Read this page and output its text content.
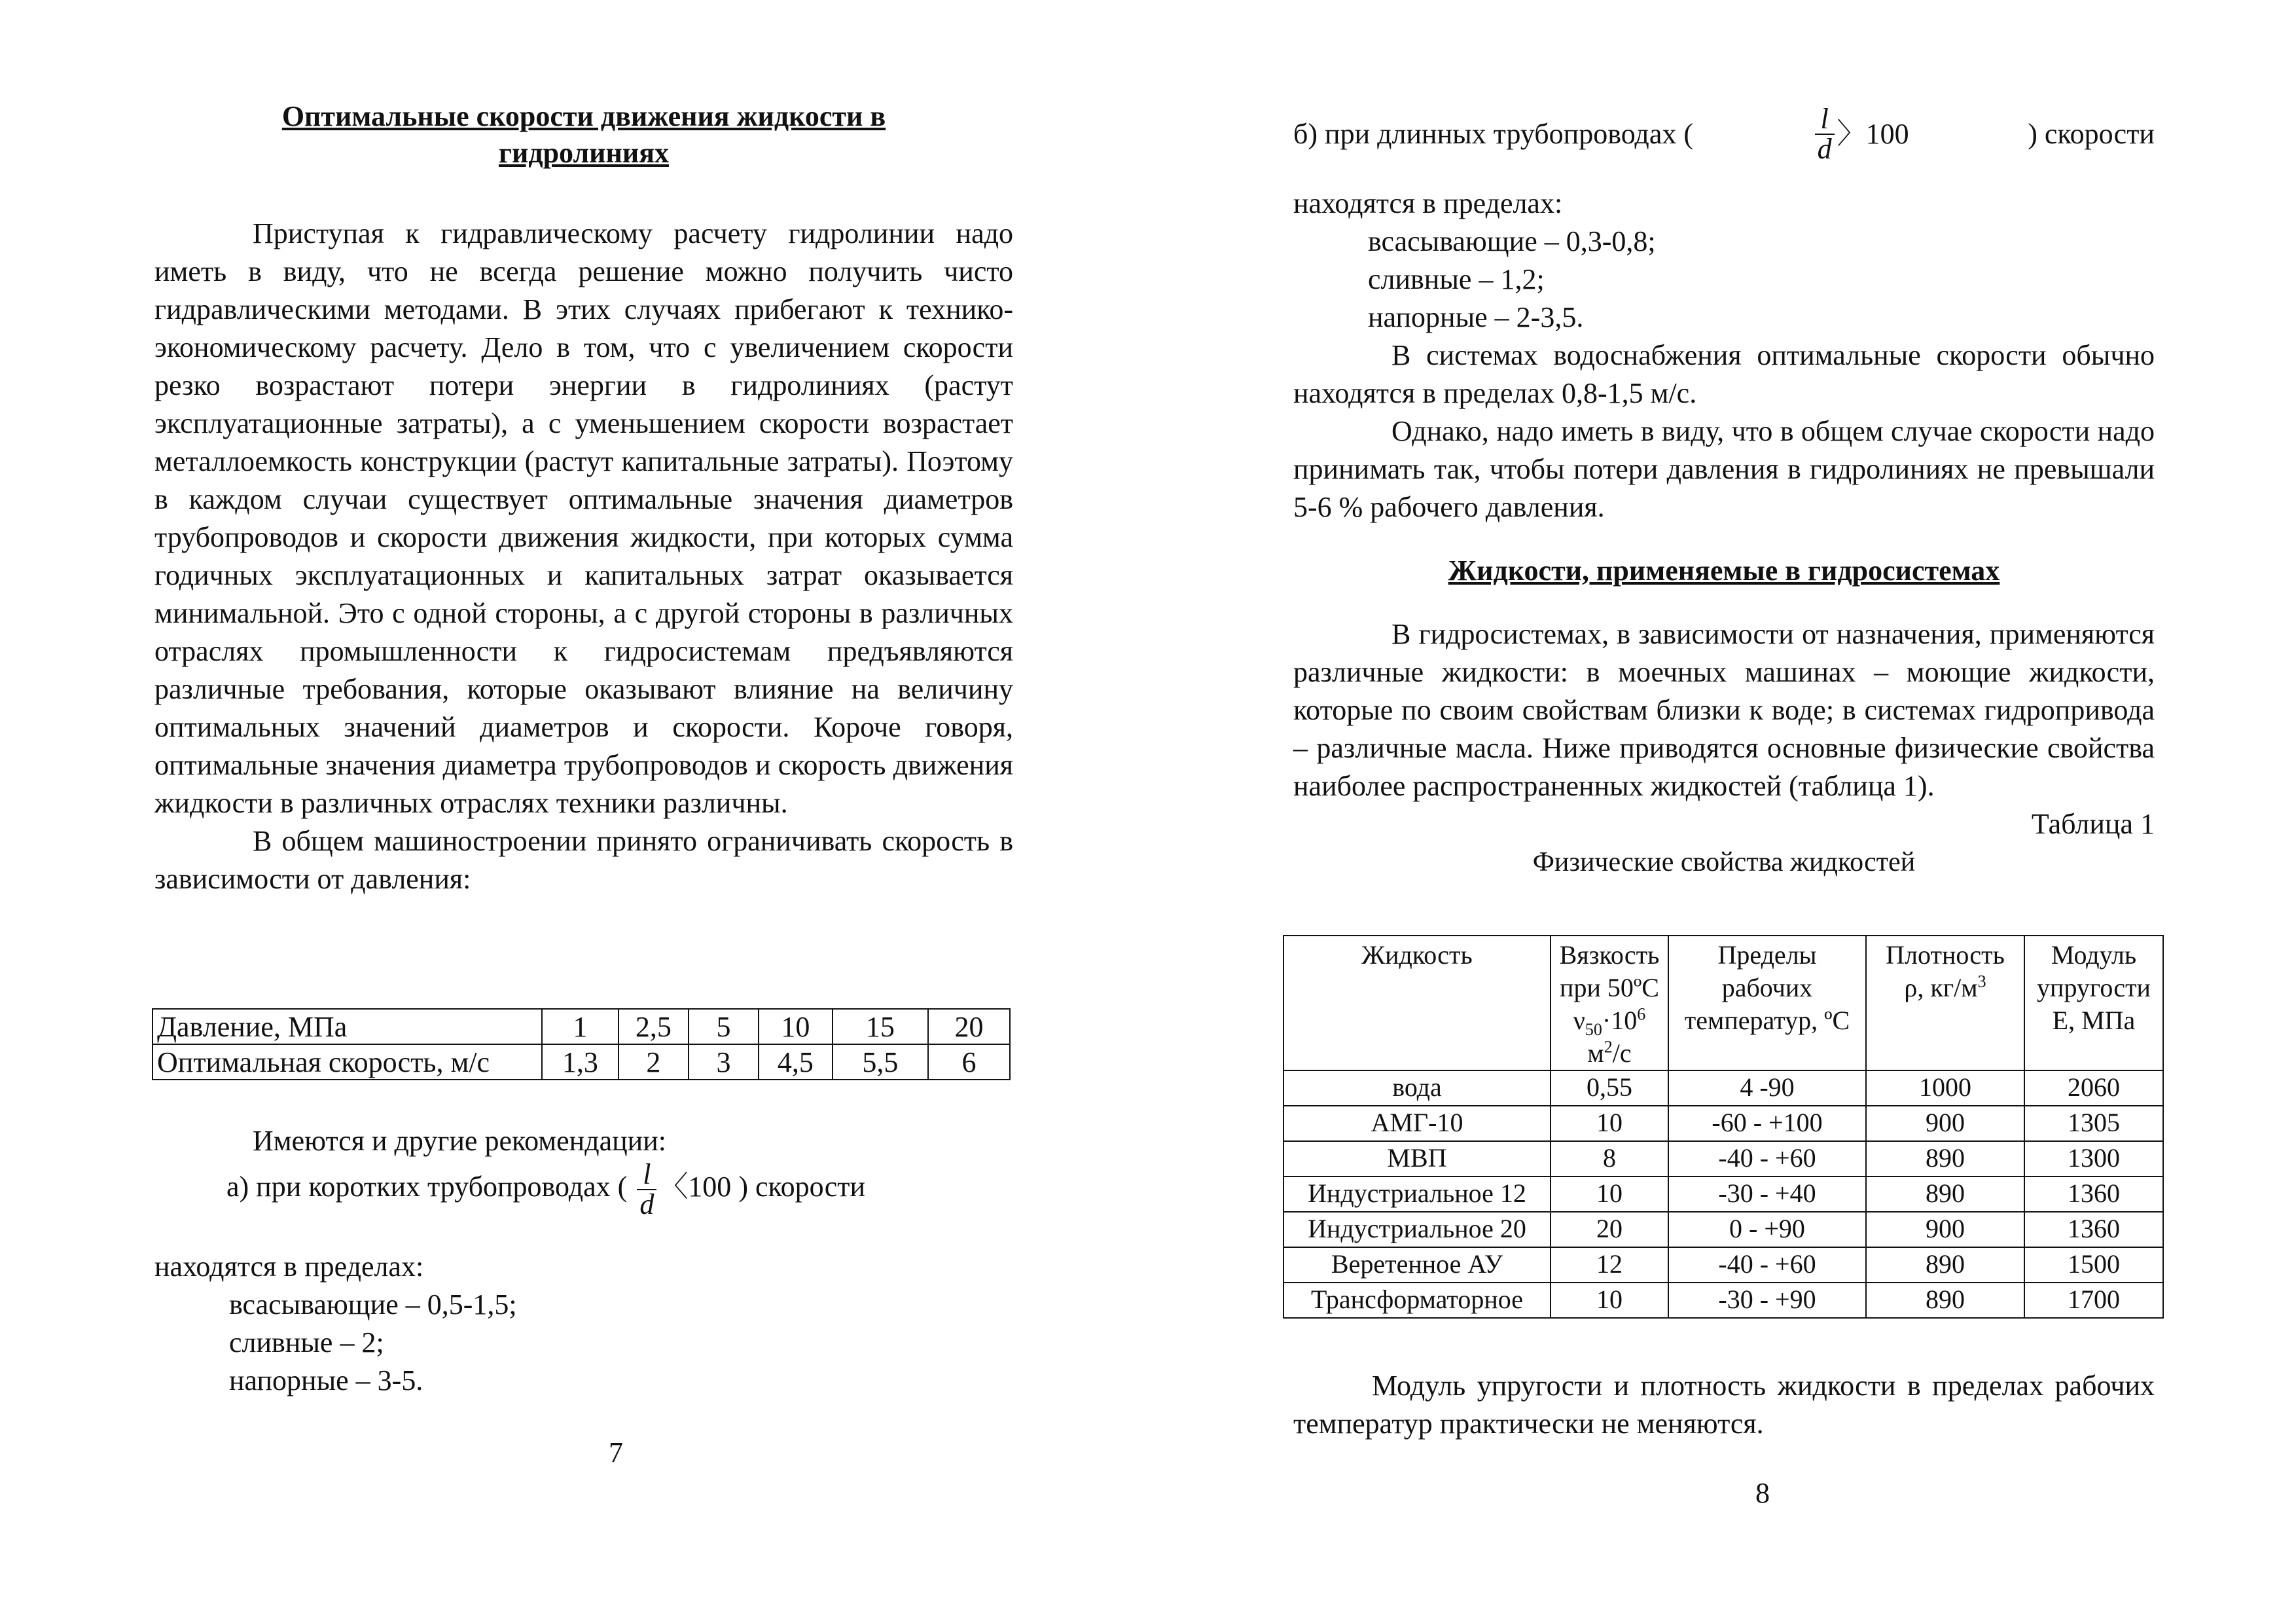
Оптимальные скорости движения жидкости в

гидролиниях

Приступая к гидравлическому расчету гидролинии надо иметь в виду, что не всегда решение можно получить чисто гидравлическими методами. В этих случаях прибегают к технико-экономическому расчету. Дело в том, что с увеличением скорости резко возрастают потери энергии в гидролиниях (растут эксплуатационные затраты), а с уменьшением скорости возрастает металлоемкость конструкции (растут капитальные затраты). Поэтому в каждом случаи существует оптимальные значения диаметров трубопроводов и скорости движения жидкости, при которых сумма годичных эксплуатационных и капитальных затрат оказывается минимальной. Это с одной стороны, а с другой стороны в различных отраслях промышленности к гидросистемам предъявляются различные требования, которые оказывают влияние на величину оптимальных значений диаметров и скорости. Короче говоря, оптимальные значения диаметра трубопроводов и скорость движения жидкости в различных отраслях техники различны.

В общем машиностроении принято ограничивать скорость в зависимости от давления:

Давление, МПа	1	2,5	5	10	15	20
Оптимальная скорость, м/с	1,3	2	3	4,5	5,5	6

Имеются и другие рекомендации:

а) при коротких трубопроводах ( $\frac{l}{d}$ 〈100 ) скорости

находятся в пределах:

всасывающие – 0,5-1,5;

сливные – 2;

напорные – 3-5.

7
б) при длинных трубопроводах (	$\frac{l}{d}$ 〉100	) скорости

находятся в пределах:

всасывающие – 0,3-0,8;

сливные – 1,2;

напорные – 2-3,5.

В системах водоснабжения оптимальные скорости обычно находятся в пределах 0,8-1,5 м/с.

Однако, надо иметь в виду, что в общем случае скорости надо принимать так, чтобы потери давления в гидролиниях не превышали 5-6 % рабочего давления.

Жидкости, применяемые в гидросистемах

В гидросистемах, в зависимости от назначения, применяются различные жидкости: в моечных машинах – моющие жидкости, которые по своим свойствам близки к воде; в системах гидропривода – различные масла. Ниже приводятся основные физические свойства наиболее распространенных жидкостей (таблица 1).

Таблица 1

Физические свойства жидкостей

Жидкость	Вязкость
при 50ºС
$\nu_{50}\cdot 10^6$
$м^2/с$	Пределы
рабочих
температур, ºС	Плотность
ρ, $кг/м^3$	Модуль
упругости
Е, МПа
вода	0,55	4 -90	1000	2060
АМГ-10	10	-60 - +100	900	1305
МВП	8	-40 - +60	890	1300
Индустриальное 12	10	-30 - +40	890	1360
Индустриальное 20	20	0 - +90	900	1360
Веретенное АУ	12	-40 - +60	890	1500
Трансформаторное	10	-30 - +90	890	1700

Модуль упругости и плотность жидкости в пределах рабочих температур практически не меняются.

8
